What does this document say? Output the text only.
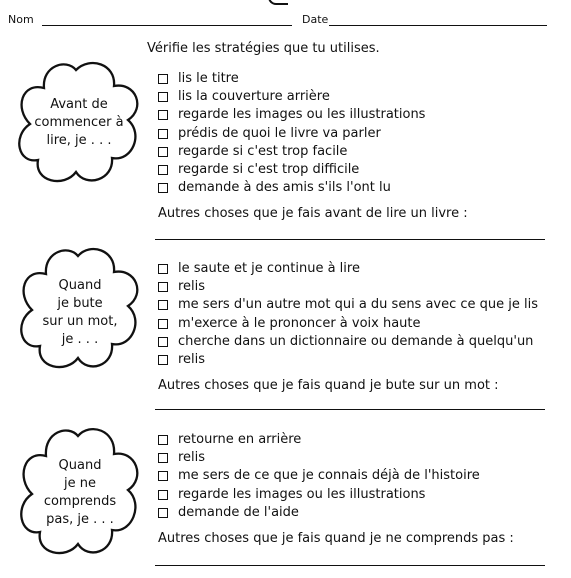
Nom	Date
Vérifie les stratégies que tu utilises.
Avant de
commencer à
lire, je . . .
lis le titre
lis la couverture arrière
regarde les images ou les illustrations
prédis de quoi le livre va parler
regarde si c'est trop facile
regarde si c'est trop difficile
demande à des amis s'ils l'ont lu
Autres choses que je fais avant de lire un livre :
Quand
je bute
sur un mot,
je . . .
le saute et je continue à lire
relis
me sers d'un autre mot qui a du sens avec ce que je lis
m'exerce à le prononcer à voix haute
cherche dans un dictionnaire ou demande à quelqu'un
relis
Autres choses que je fais quand je bute sur un mot :
Quand
je ne
comprends
pas, je . . .
retourne en arrière
relis
me sers de ce que je connais déjà de l'histoire
regarde les images ou les illustrations
demande de l'aide
Autres choses que je fais quand je ne comprends pas :
